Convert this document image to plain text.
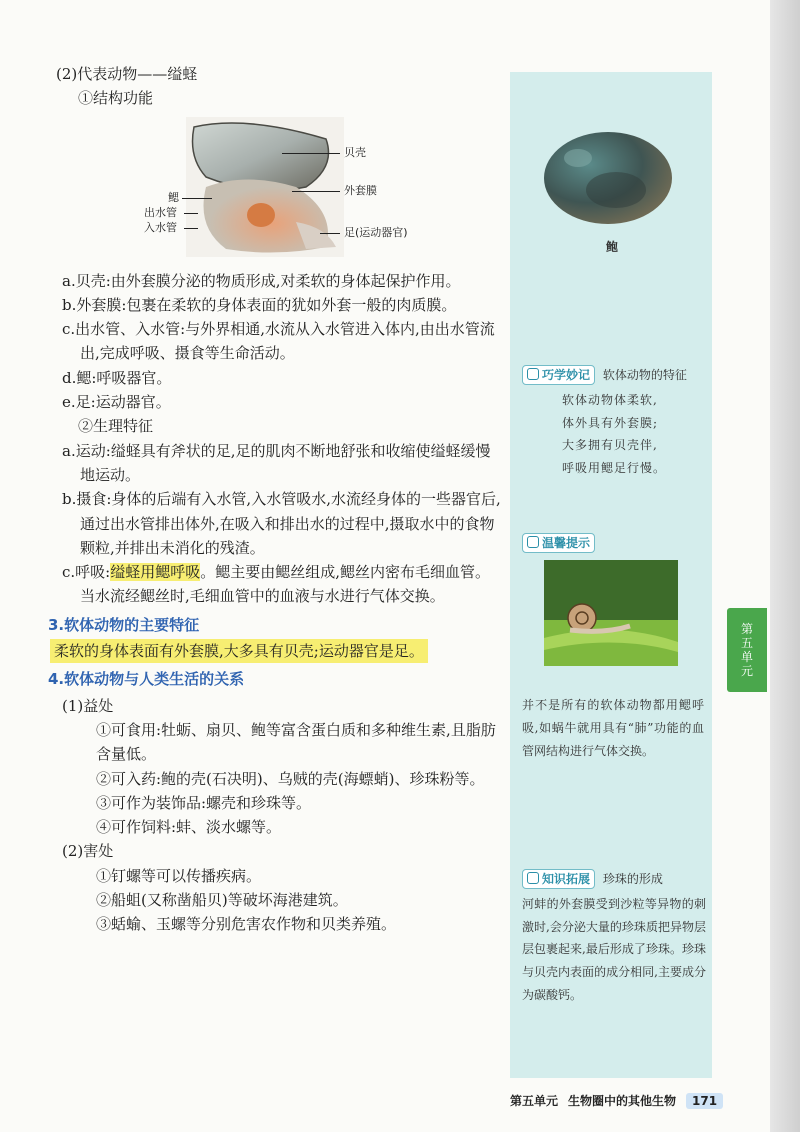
(2)代表动物——缢蛏

①结构功能

贝壳
外套膜
鳃
出水管
入水管	足(运动器官)

a.贝壳:由外套膜分泌的物质形成,对柔软的身体起保护作用。

b.外套膜:包裹在柔软的身体表面的犹如外套一般的肉质膜。

c.出水管、入水管:与外界相通,水流从入水管进入体内,由出水管流出,完成呼吸、摄食等生命活动。

d.鳃:呼吸器官。

e.足:运动器官。

②生理特征

a.运动:缢蛏具有斧状的足,足的肌肉不断地舒张和收缩使缢蛏缓慢地运动。

b.摄食:身体的后端有入水管,入水管吸水,水流经身体的一些器官后,通过出水管排出体外,在吸入和排出水的过程中,摄取水中的食物颗粒,并排出未消化的残渣。

c.呼吸:缢蛏用鳃呼吸。鳃主要由鳃丝组成,鳃丝内密布毛细血管。当水流经鳃丝时,毛细血管中的血液与水进行气体交换。

3.软体动物的主要特征

柔软的身体表面有外套膜,大多具有贝壳;运动器官是足。

4.软体动物与人类生活的关系

(1)益处

①可食用:牡蛎、扇贝、鲍等富含蛋白质和多种维生素,且脂肪含量低。

②可入药:鲍的壳(石决明)、乌贼的壳(海螵蛸)、珍珠粉等。

③可作为装饰品:螺壳和珍珠等。

④可作饲料:蚌、淡水螺等。

(2)害处

①钉螺等可以传播疾病。

②船蛆(又称凿船贝)等破坏海港建筑。

③蛞蝓、玉螺等分别危害农作物和贝类养殖。

鲍
巧学妙记 软体动物的特征
软体动物体柔软,
体外具有外套膜;
大多拥有贝壳伴,
呼吸用鳃足行慢。
温馨提示
并不是所有的软体动物都用鳃呼吸,如蜗牛就用具有“肺”功能的血管网结构进行气体交换。
知识拓展 珍珠的形成
河蚌的外套膜受到沙粒等异物的刺激时,会分泌大量的珍珠质把异物层层包裹起来,最后形成了珍珠。珍珠与贝壳内表面的成分相同,主要成分为碳酸钙。
第五单元
第五单元 生物圈中的其他生物	171
